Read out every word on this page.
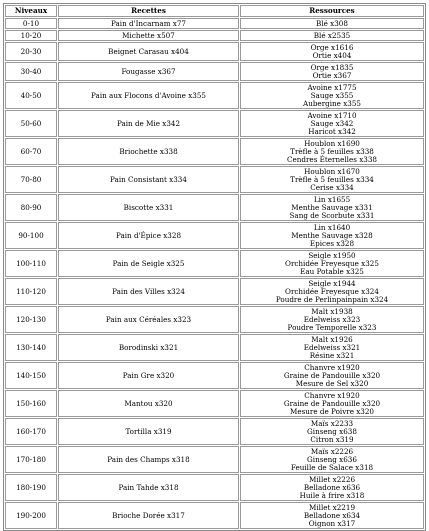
Niveaux	Recettes	Ressources
0-10	Pain d'Incarnam x77	Blé x308

10-20	Michette x507	Blé x2535

20-30	Beignet Carasau x404	Orge x1616
Ortie x404

30-40	Fougasse x367	Orge x1835
Ortie x367

40-50	Pain aux Flocons d'Avoine x355	Avoine x1775
Sauge x355
Aubergine x355

50-60	Pain de Mie x342	Avoine x1710
Sauge x342
Haricot x342

60-70	Briochette x338	Houblon x1690
Trèfle à 5 feuilles x338
Cendres Éternelles x338

70-80	Pain Consistant x334	Houblon x1670
Trèfle à 5 feuilles x334
Cerise x334

80-90	Biscotte x331	Lin x1655
Menthe Sauvage x331
Sang de Scorbute x331

90-100	Pain d'Épice x328	Lin x1640
Menthe Sauvage x328
Epices x328

100-110	Pain de Seigle x325	Seigle x1950
Orchidée Freyesque x325
Eau Potable x325

110-120	Pain des Villes x324	Seigle x1944
Orchidée Freyesque x324
Poudre de Perlinpainpain x324

120-130	Pain aux Céréales x323	Malt x1938
Edelweiss x323
Poudre Temporelle x323

130-140	Borodinski x321	Malt x1926
Edelweiss x321
Résine x321

140-150	Pain Gre x320	Chanvre x1920
Graine de Pandouille x320
Mesure de Sel x320

150-160	Mantou x320	Chanvre x1920
Graine de Pandouille x320
Mesure de Poivre x320

160-170	Tortilla x319	Maïs x2233
Ginseng x638
Citron x319

170-180	Pain des Champs x318	Maïs x2226
Ginseng x636
Feuille de Salace x318

180-190	Pain Tahde x318	Millet x2226
Belladone x636
Huile à frire x318

190-200	Brioche Dorée x317	Millet x2219
Belladone x634
Oignon x317
